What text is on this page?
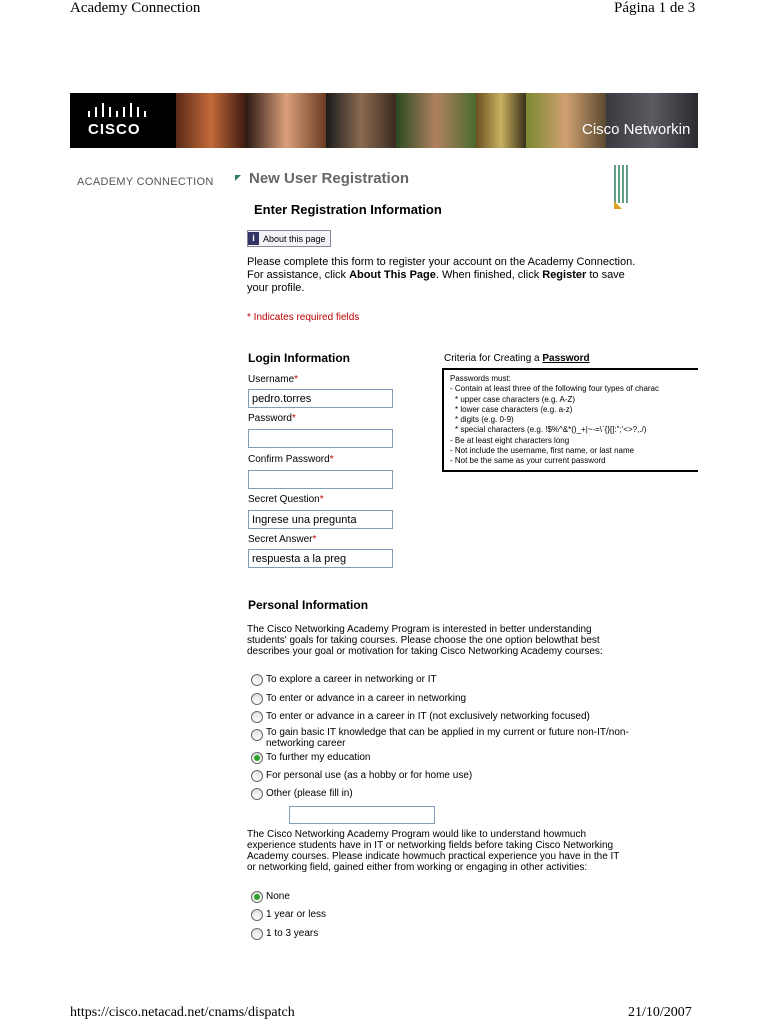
Academy Connection	Página 1 de 3
CISCO	Cisco Networkin
ACADEMY CONNECTION New User Registration
Enter Registration Information
i About this page
Please complete this form to register your account on the Academy Connection. For assistance, click About This Page. When finished, click Register to save your profile.
* Indicates required fields
Login Information
Username*
pedro.torres
Password*
Confirm Password*
Secret Question*
Ingrese una pregunta
Secret Answer*
respuesta a la preg
Criteria for Creating a Password
Passwords must:
- Contain at least three of the following four types of charac
* upper case characters (e.g. A-Z)
* lower case characters (e.g. a-z)
* digits (e.g. 0-9)
* special characters (e.g. !$%^&*()_+|~-=\`{}[]:";'<>?,./)
- Be at least eight characters long
- Not include the username, first name, or last name
- Not be the same as your current password
Personal Information
The Cisco Networking Academy Program is interested in better understanding students' goals for taking courses. Please choose the one option belowthat best describes your goal or motivation for taking Cisco Networking Academy courses:
To explore a career in networking or IT
To enter or advance in a career in networking
To enter or advance in a career in IT (not exclusively networking focused)
To gain basic IT knowledge that can be applied in my current or future non-IT/non-networking career
To further my education
For personal use (as a hobby or for home use)
Other (please fill in)
The Cisco Networking Academy Program would like to understand howmuch experience students have in IT or networking fields before taking Cisco Networking Academy courses. Please indicate howmuch practical experience you have in the IT or networking field, gained either from working or engaging in other activities:
None
1 year or less
1 to 3 years
https://cisco.netacad.net/cnams/dispatch	21/10/2007
